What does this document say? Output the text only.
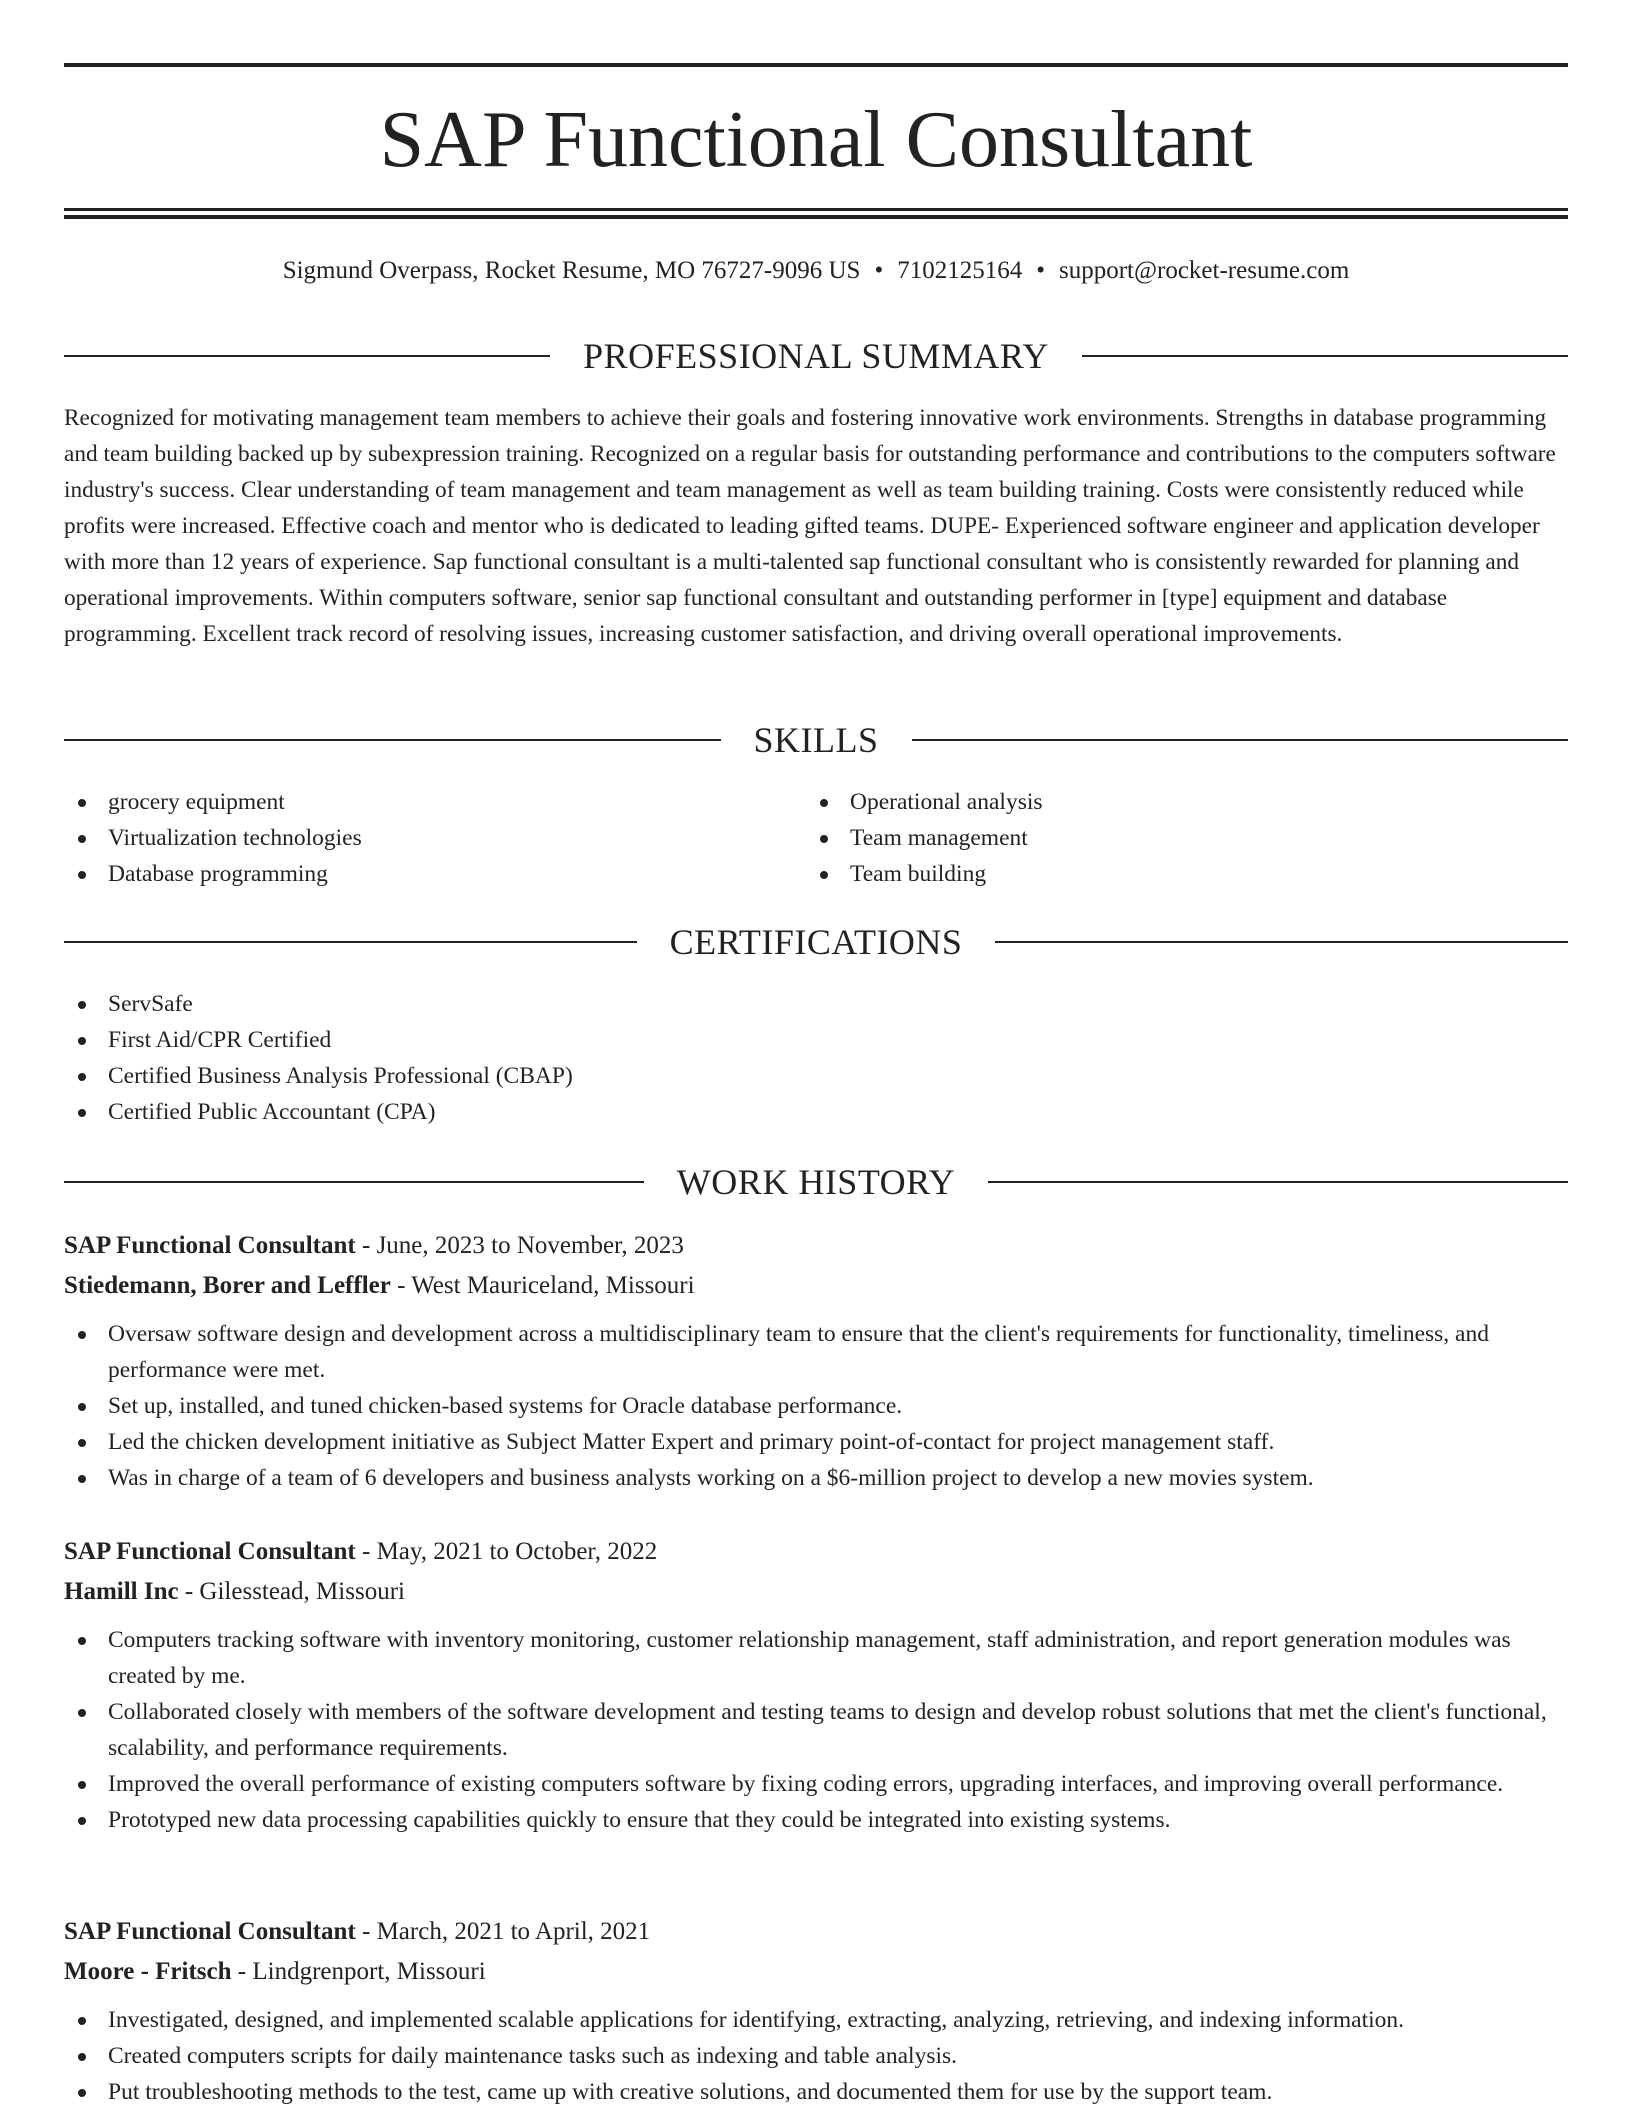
SAP Functional Consultant
Sigmund Overpass, Rocket Resume, MO 76727-9096 US • 7102125164 • support@rocket-resume.com
PROFESSIONAL SUMMARY

Recognized for motivating management team members to achieve their goals and fostering innovative work environments. Strengths in database programming and team building backed up by subexpression training. Recognized on a regular basis for outstanding performance and contributions to the computers software industry's success. Clear understanding of team management and team management as well as team building training. Costs were consistently reduced while profits were increased. Effective coach and mentor who is dedicated to leading gifted teams. DUPE- Experienced software engineer and application developer with more than 12 years of experience. Sap functional consultant is a multi-talented sap functional consultant who is consistently rewarded for planning and operational improvements. Within computers software, senior sap functional consultant and outstanding performer in [type] equipment and database programming. Excellent track record of resolving issues, increasing customer satisfaction, and driving overall operational improvements.

SKILLS
grocery equipment
Virtualization technologies
Database programming
Operational analysis
Team management
Team building
CERTIFICATIONS
ServSafe
First Aid/CPR Certified
Certified Business Analysis Professional (CBAP)
Certified Public Accountant (CPA)
WORK HISTORY
SAP Functional Consultant - June, 2023 to November, 2023
Stiedemann, Borer and Leffler - West Mauriceland, Missouri
Oversaw software design and development across a multidisciplinary team to ensure that the client's requirements for functionality, timeliness, and performance were met.
Set up, installed, and tuned chicken-based systems for Oracle database performance.
Led the chicken development initiative as Subject Matter Expert and primary point-of-contact for project management staff.
Was in charge of a team of 6 developers and business analysts working on a $6-million project to develop a new movies system.
SAP Functional Consultant - May, 2021 to October, 2022
Hamill Inc - Gilesstead, Missouri
Computers tracking software with inventory monitoring, customer relationship management, staff administration, and report generation modules was created by me.
Collaborated closely with members of the software development and testing teams to design and develop robust solutions that met the client's functional, scalability, and performance requirements.
Improved the overall performance of existing computers software by fixing coding errors, upgrading interfaces, and improving overall performance.
Prototyped new data processing capabilities quickly to ensure that they could be integrated into existing systems.
SAP Functional Consultant - March, 2021 to April, 2021
Moore - Fritsch - Lindgrenport, Missouri
Investigated, designed, and implemented scalable applications for identifying, extracting, analyzing, retrieving, and indexing information.
Created computers scripts for daily maintenance tasks such as indexing and table analysis.
Put troubleshooting methods to the test, came up with creative solutions, and documented them for use by the support team.
